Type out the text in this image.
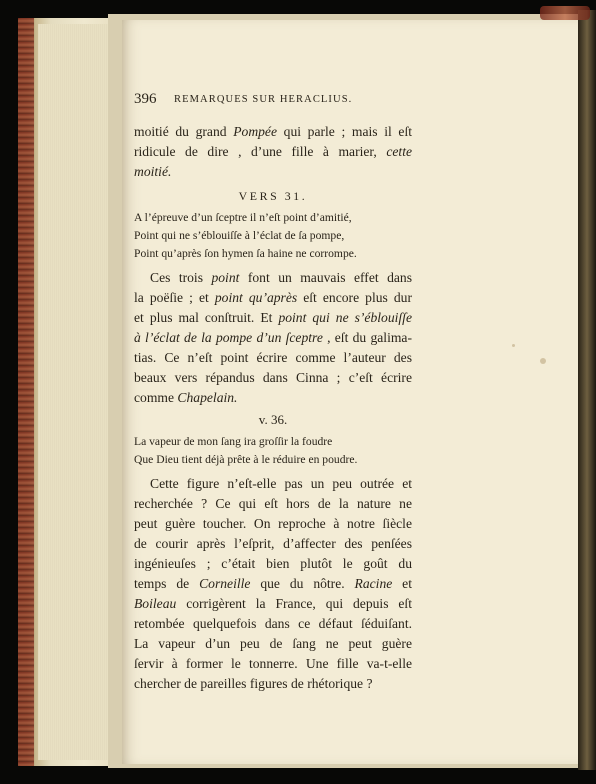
396 REMARQUES SUR HERACLIUS.
moitié du grand Pompée qui parle ; mais il eſt
ridicule de dire , d’une fille à marier, cette
moitié.
VERS 31.
A l’épreuve d’un ſceptre il n’eſt point d’amitié,
Point qui ne s’éblouiſſe à l’éclat de ſa pompe,
Point qu’après ſon hymen ſa haine ne corrompe.
Ces trois point font un mauvais effet dans
la poëſie ; et point qu’après eſt encore plus dur
et plus mal conſtruit. Et point qui ne s’éblouiſſe
à l’éclat de la pompe d’un ſceptre , eſt du galima-
tias. Ce n’eſt point écrire comme l’auteur des
beaux vers répandus dans Cinna ; c’eſt écrire
comme Chapelain.
v. 36.
La vapeur de mon ſang ira groſſir la foudre
Que Dieu tient déjà prête à le réduire en poudre.
Cette figure n’eſt-elle pas un peu outrée et
recherchée ? Ce qui eſt hors de la nature ne
peut guère toucher. On reproche à notre ſiècle
de courir après l’eſprit, d’affecter des penſées
ingénieuſes ; c’était bien plutôt le goût du
temps de Corneille que du nôtre. Racine et
Boileau corrigèrent la France, qui depuis eſt
retombée quelquefois dans ce défaut ſéduiſant.
La vapeur d’un peu de ſang ne peut guère
ſervir à former le tonnerre. Une fille va-t-elle
chercher de pareilles figures de rhétorique ?
